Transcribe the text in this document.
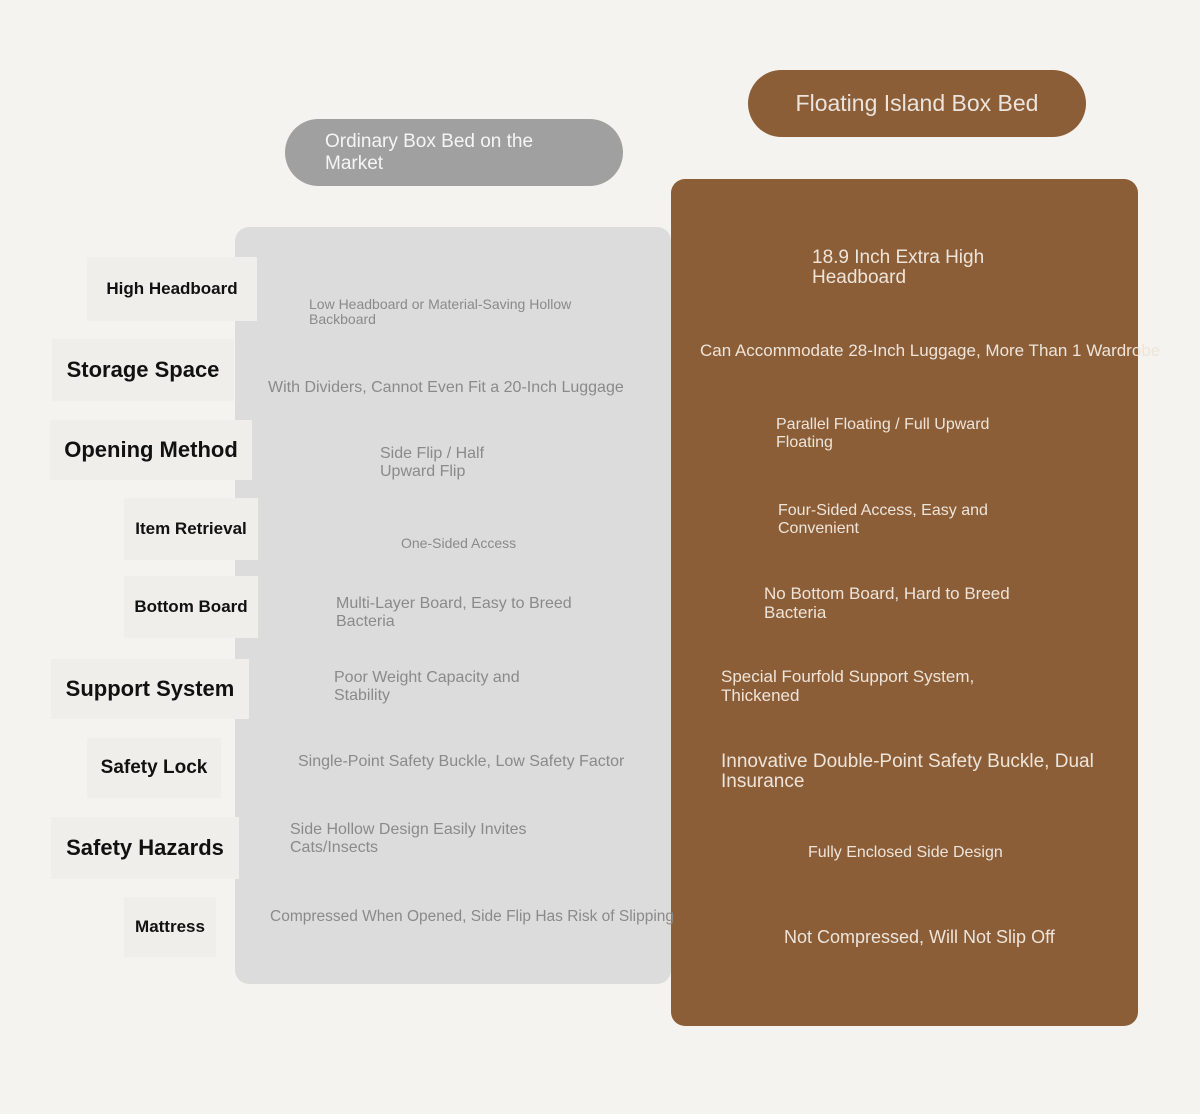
Ordinary Box Bed on the Market
Floating Island Box Bed
High Headboard
Storage Space
Opening Method
Item Retrieval
Bottom Board
Support System
Safety Lock
Safety Hazards
Mattress
Low Headboard or Material-Saving Hollow Backboard
With Dividers, Cannot Even Fit a 20-Inch Luggage
Side Flip / Half Upward Flip
One-Sided Access
Multi-Layer Board, Easy to Breed Bacteria
Poor Weight Capacity and Stability
Single-Point Safety Buckle, Low Safety Factor
Side Hollow Design Easily Invites Cats/Insects
Compressed When Opened, Side Flip Has Risk of Slipping
18.9 Inch Extra High Headboard
Can Accommodate 28-Inch Luggage, More Than 1 Wardrobe
Parallel Floating / Full Upward Floating
Four-Sided Access, Easy and Convenient
No Bottom Board, Hard to Breed Bacteria
Special Fourfold Support System, Thickened
Innovative Double-Point Safety Buckle, Dual Insurance
Fully Enclosed Side Design
Not Compressed, Will Not Slip Off
